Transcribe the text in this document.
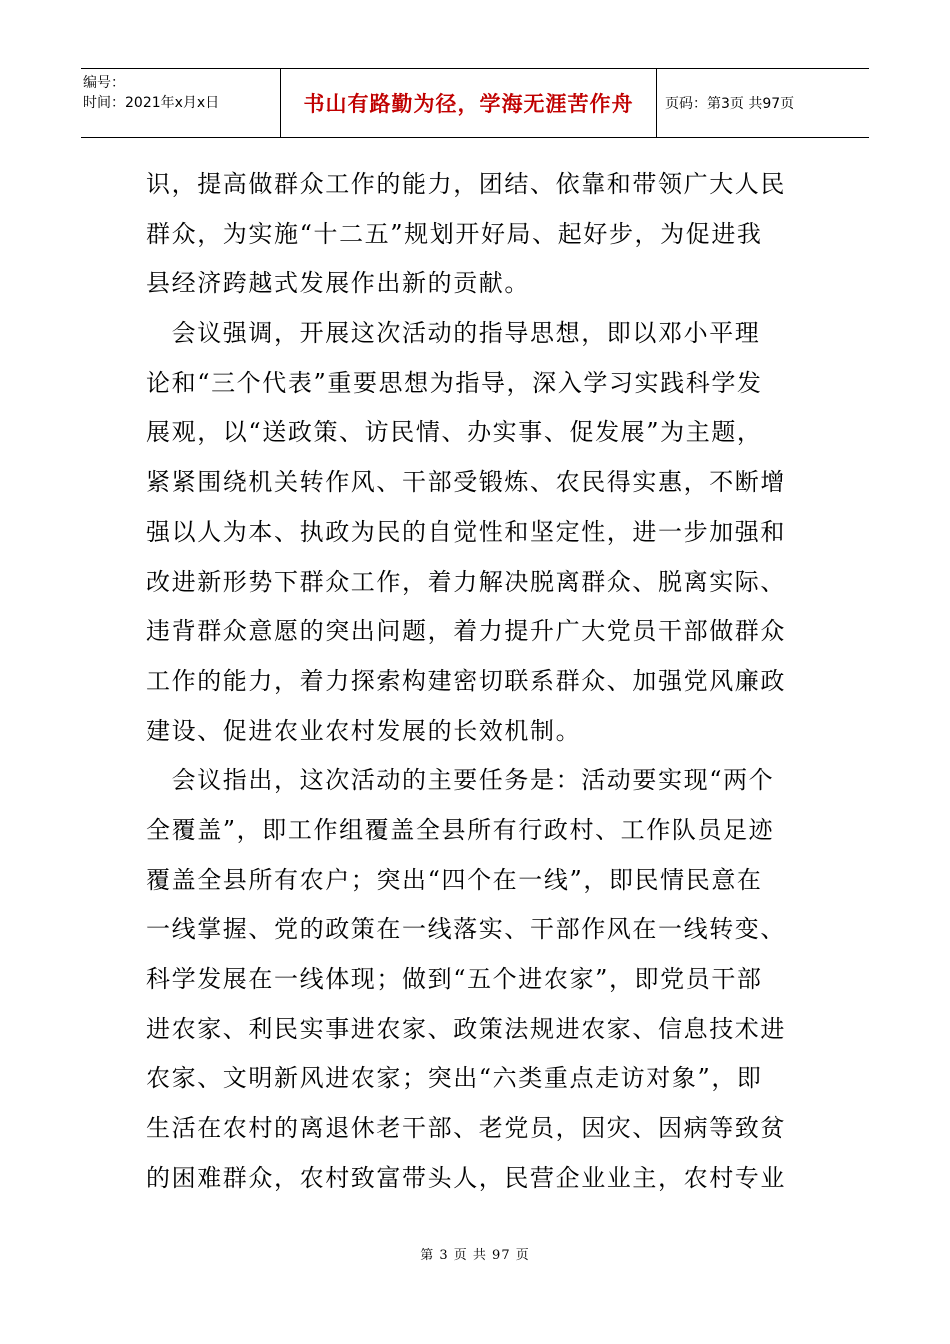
编号：
时间：2021年x月x日	书山有路勤为径，学海无涯苦作舟 页码：第3页 共97页
识，提高做群众工作的能力，团结、依靠和带领广大人民
群众，为实施“十二五”规划开好局、起好步，为促进我
县经济跨越式发展作出新的贡献。
　会议强调，开展这次活动的指导思想，即以邓小平理
论和“三个代表”重要思想为指导，深入学习实践科学发
展观，以“送政策、访民情、办实事、促发展”为主题，
紧紧围绕机关转作风、干部受锻炼、农民得实惠，不断增
强以人为本、执政为民的自觉性和坚定性，进一步加强和
改进新形势下群众工作，着力解决脱离群众、脱离实际、
违背群众意愿的突出问题，着力提升广大党员干部做群众
工作的能力，着力探索构建密切联系群众、加强党风廉政
建设、促进农业农村发展的长效机制。
　会议指出，这次活动的主要任务是：活动要实现“两个
全覆盖”，即工作组覆盖全县所有行政村、工作队员足迹
覆盖全县所有农户；突出“四个在一线”，即民情民意在
一线掌握、党的政策在一线落实、干部作风在一线转变、
科学发展在一线体现；做到“五个进农家”，即党员干部
进农家、利民实事进农家、政策法规进农家、信息技术进
农家、文明新风进农家；突出“六类重点走访对象”，即
生活在农村的离退休老干部、老党员，因灾、因病等致贫
的困难群众，农村致富带头人，民营企业业主，农村专业
第 3 页 共 97 页
